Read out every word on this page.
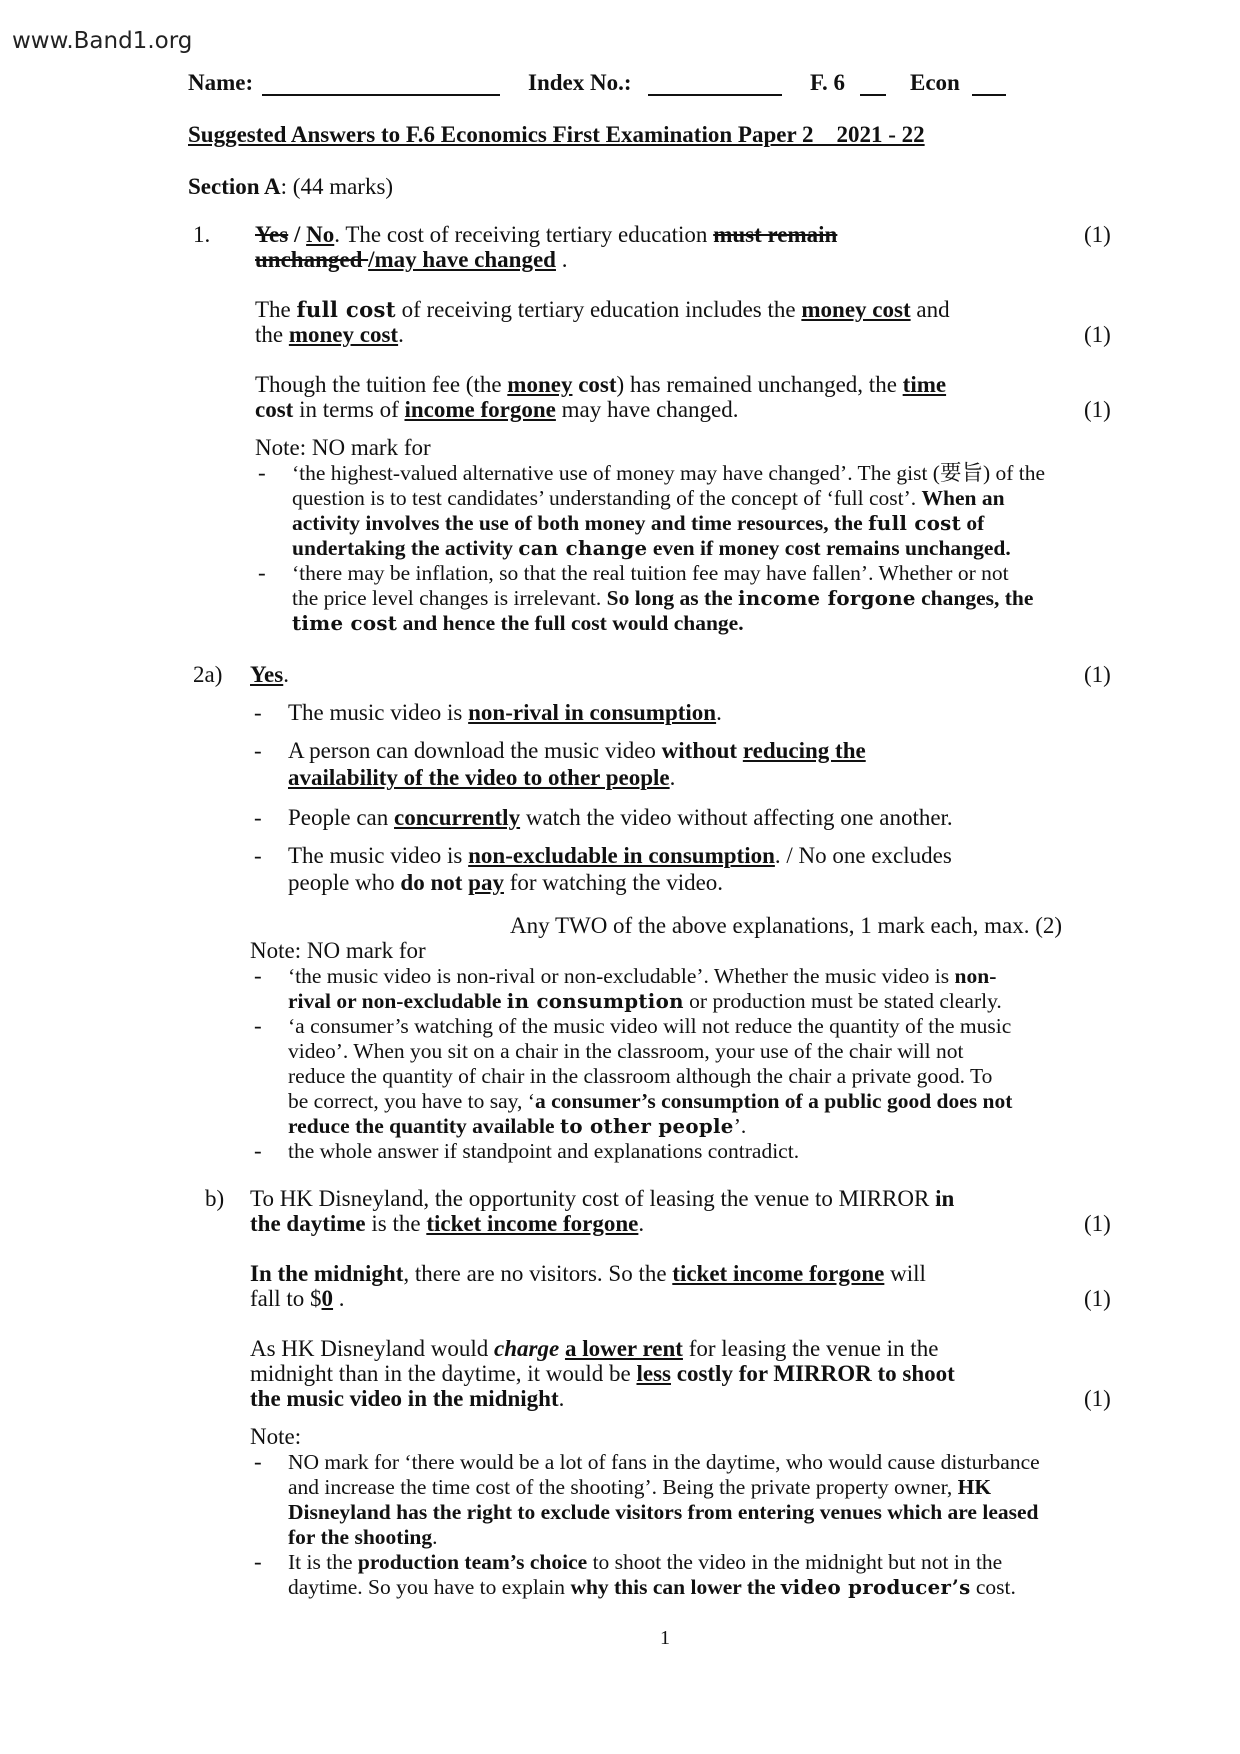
www.Band1.org
Name:	Index No.:	F. 6	Econ
Suggested Answers to F.6 Economics First Examination Paper 2    2021 - 22
Section A: (44 marks)
1. Yes / No. The cost of receiving tertiary education must remain	(1)
unchanged /may have changed .
The full cost of receiving tertiary education includes the money cost and
the money cost.	(1)
Though the tuition fee (the money cost) has remained unchanged, the time
cost in terms of income forgone may have changed.	(1)
Note: NO mark for
- ‘the highest-valued alternative use of money may have changed’. The gist (要旨) of the
question is to test candidates’ understanding of the concept of ‘full cost’. When an
activity involves the use of both money and time resources, the full cost of
undertaking the activity can change even if money cost remains unchanged.
- ‘there may be inflation, so that the real tuition fee may have fallen’. Whether or not
the price level changes is irrelevant. So long as the income forgone changes, the
time cost and hence the full cost would change.
2a) Yes.	(1)
- The music video is non-rival in consumption.
- A person can download the music video without reducing the
availability of the video to other people.
- People can concurrently watch the video without affecting one another.
- The music video is non-excludable in consumption. / No one excludes
people who do not pay for watching the video.
Any TWO of the above explanations, 1 mark each, max. (2)
Note: NO mark for
- ‘the music video is non-rival or non-excludable’. Whether the music video is non-
rival or non-excludable in consumption or production must be stated clearly.
- ‘a consumer’s watching of the music video will not reduce the quantity of the music
video’. When you sit on a chair in the classroom, your use of the chair will not
reduce the quantity of chair in the classroom although the chair a private good. To
be correct, you have to say, ‘a consumer’s consumption of a public good does not
reduce the quantity available to other people’.
- the whole answer if standpoint and explanations contradict.
b) To HK Disneyland, the opportunity cost of leasing the venue to MIRROR in
the daytime is the ticket income forgone.	(1)
In the midnight, there are no visitors. So the ticket income forgone will
fall to $0 .	(1)
As HK Disneyland would charge a lower rent for leasing the venue in the
midnight than in the daytime, it would be less costly for MIRROR to shoot
the music video in the midnight.	(1)
Note:
- NO mark for ‘there would be a lot of fans in the daytime, who would cause disturbance
and increase the time cost of the shooting’. Being the private property owner, HK
Disneyland has the right to exclude visitors from entering venues which are leased
for the shooting.
- It is the production team’s choice to shoot the video in the midnight but not in the
daytime. So you have to explain why this can lower the video producer’s cost.
1
